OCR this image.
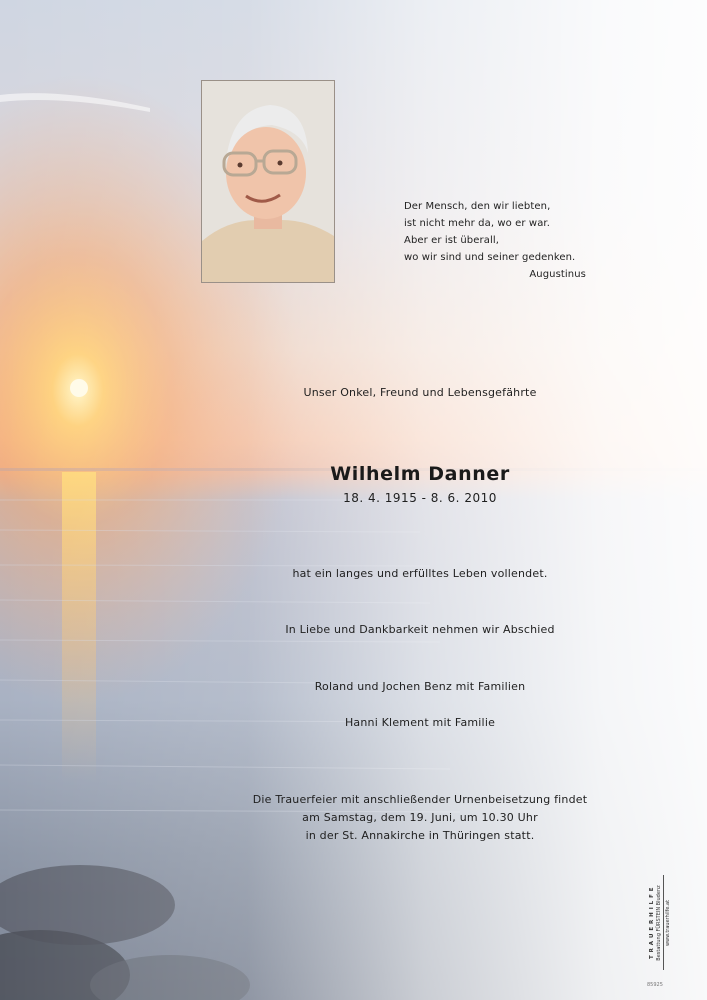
Der Mensch, den wir liebten,
ist nicht mehr da, wo er war.
Aber er ist überall,
wo wir sind und seiner gedenken.
Augustinus
Unser Onkel, Freund und Lebensgefährte
Wilhelm Danner
18. 4. 1915 - 8. 6. 2010
hat ein langes und erfülltes Leben vollendet.
In Liebe und Dankbarkeit nehmen wir Abschied
Roland und Jochen Benz mit Familien
Hanni Klement mit Familie
Die Trauerfeier mit anschließender Urnenbeisetzung findet
am Samstag, dem 19. Juni, um 10.30 Uhr
in der St. Annakirche in Thüringen statt.
T R A U E R H I L F E Bestattung FÜRSTEIN Bludenz www.trauerhilfe.at
85925
